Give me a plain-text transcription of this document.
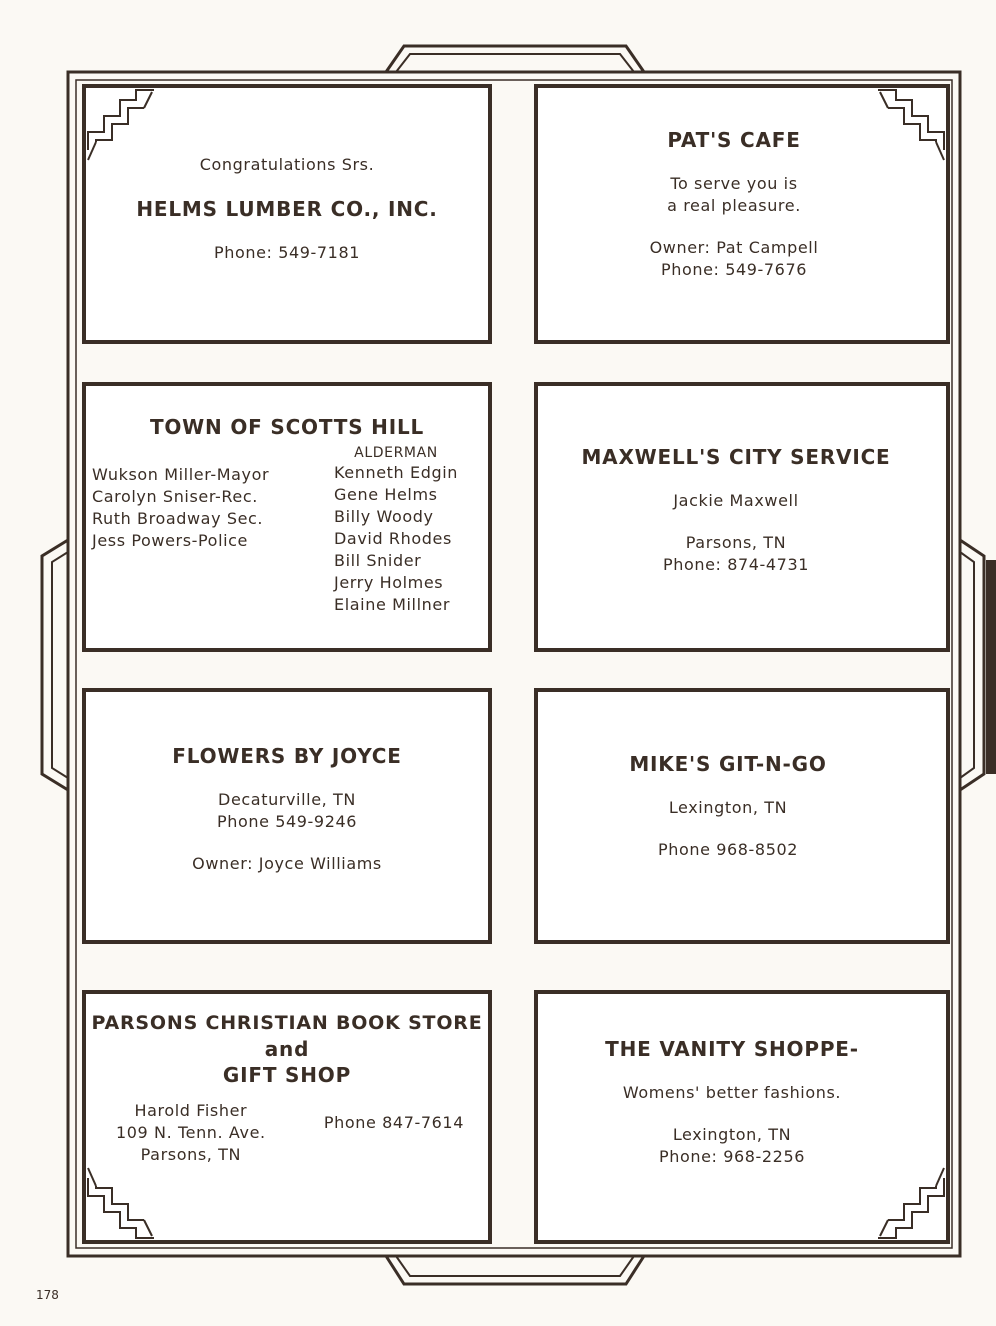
Congratulations Srs.
HELMS LUMBER CO., INC.
Phone: 549-7181
PAT'S CAFE
To serve you is
a real pleasure.
Owner: Pat Campell
Phone: 549-7676
TOWN OF SCOTTS HILL
Wukson Miller-Mayor
Carolyn Sniser-Rec.
Ruth Broadway Sec.
Jess Powers-Police
ALDERMAN
Kenneth Edgin
Gene Helms
Billy Woody
David Rhodes
Bill Snider
Jerry Holmes
Elaine Millner
MAXWELL'S CITY SERVICE
Jackie Maxwell
Parsons, TN
Phone: 874-4731
FLOWERS BY JOYCE
Decaturville, TN
Phone 549-9246
Owner: Joyce Williams
MIKE'S GIT-N-GO
Lexington, TN
Phone 968-8502
PARSONS CHRISTIAN BOOK STORE
and
GIFT SHOP
Harold Fisher
109 N. Tenn. Ave.
Parsons, TN
Phone 847-7614
THE VANITY SHOPPE-
Womens' better fashions.
Lexington, TN
Phone: 968-2256
178
